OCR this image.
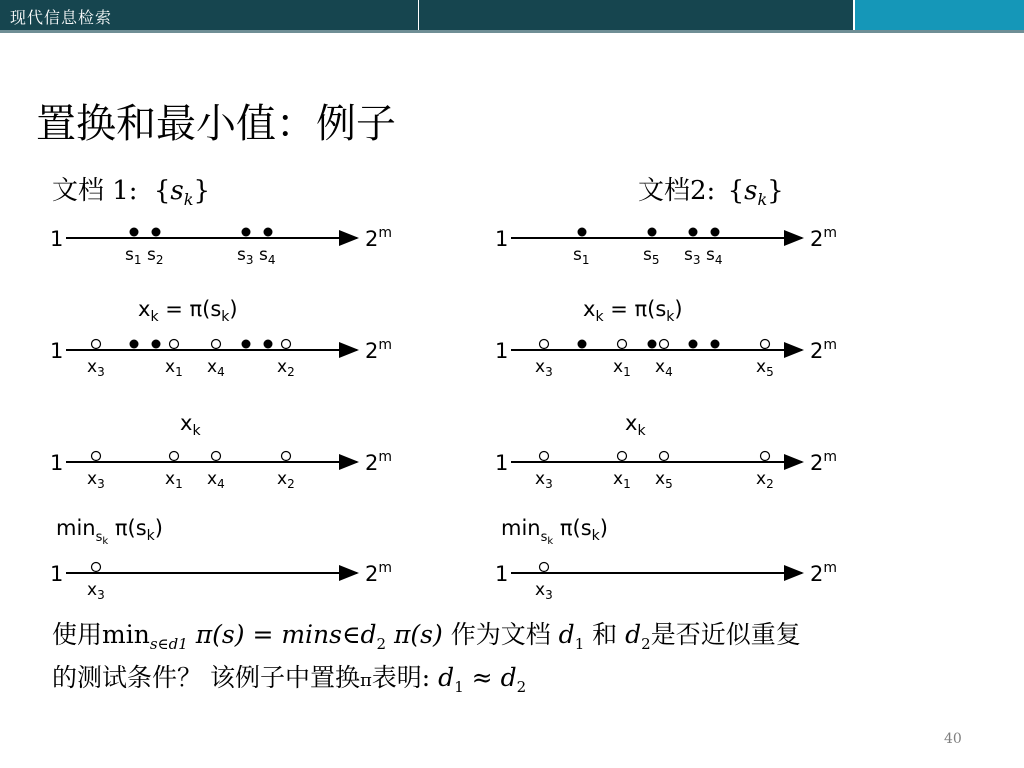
现代信息检索
置换和最小值：例子
文档 1: $\{s_k\}$	文档2: $\{s_k\}$
1	2$^m$
$s_1$ $s_2$	$s_3$ $s_4$
1	2$^m$
$x_3$	$x_1$ $x_4$	$x_2$
1	2$^m$
$x_3$	$x_1$ $x_4$	$x_2$
1	2$^m$
$x_3$
$x_k = \pi(s_k)$
$x_k$
$\min_sk$ $\pi(s_k)$
1	2$^m$
$s_1$	$s_5$ $s_3$ $s_4$
1	2$^m$
$x_3$	$x_1$ $x_4$	$x_5$
1	2$^m$
$x_3$	$x_1$ $x_5$	$x_2$
1	2$^m$
$x_3$
$x_k = \pi(s_k)$
$x_k$
$\min_sk$ $\pi(s_k)$
使用$\min_{s\in d1} \pi(s)$ = $\min s\in d_2$ π(s) 作为文档 $d_1$ 和 $d_2$是否近似重复
的测试条件？ 该例子中置换π表明: $d_1 \approx d_2$
40
